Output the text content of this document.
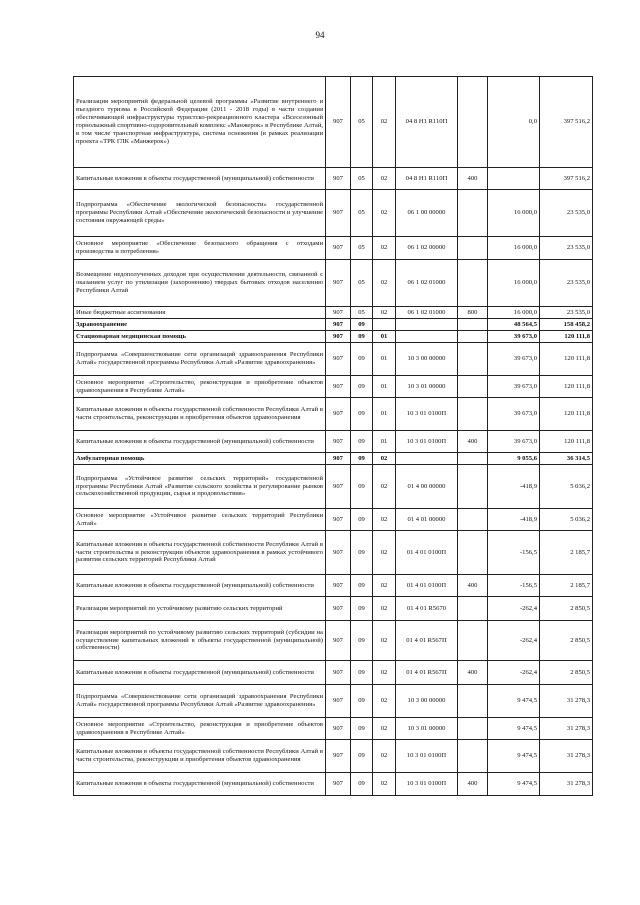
94
Реализация мероприятий федеральной целевой программы «Развитие внутреннего и въездного туризма в Российской Федерации (2011 - 2018 годы) в части создания обеспечивающей инфраструктуры туристско-рекреационного кластера «Всесезонный горнолыжный спортивно-оздоровительный комплекс «Манжерок» в Республике Алтай, в том числе транспортная инфраструктура, система оснежения (в рамках реализации проекта «ТРК ГЛК «Манжерок»)	907	05	02	04 8 Н1 R110П		0,0	397 516,2
Капитальные вложения в объекты государственной (муниципальной) собственности	907	05	02	04 8 Н1 R110П	400		397 516,2
Подпрограмма «Обеспечение экологической безопасности» государственной программы Республики Алтай «Обеспечение экологической безопасности и улучшение состояния окружающей среды»	907	05	02	06 1 00 00000		16 000,0	23 535,0
Основное мероприятие «Обеспечение безопасного обращения с отходами производства и потребления»	907	05	02	06 1 02 00000		16 000,0	23 535,0
Возмещение недополученных доходов при осуществлении деятельности, связанной с оказанием услуг по утилизации (захоронению) твердых бытовых отходов населению Республики Алтай	907	05	02	06 1 02 01000		16 000,0	23 535,0
Иные бюджетные ассигнования	907	05	02	06 1 02 01000	800	16 000,0	23 535,0
Здравоохранение	907	09				48 564,5	158 458,2
Стационарная медицинская помощь	907	09	01			39 673,0	120 111,8
Подпрограмма «Совершенствование сети организаций здравоохранения Республики Алтай» государственной программы Республики Алтай «Развитие здравоохранения»	907	09	01	10 3 00 00000		39 673,0	120 111,8
Основное мероприятие «Строительство, реконструкция и приобретение объектов здравоохранения в Республике Алтай»	907	09	01	10 3 01 00000		39 673,0	120 111,8
Капитальные вложения в объекты государственной собственности Республики Алтай в части строительства, реконструкции и приобретения объектов здравоохранения	907	09	01	10 3 01 0100П		39 673,0	120 111,8
Капитальные вложения в объекты государственной (муниципальной) собственности	907	09	01	10 3 01 0100П	400	39 673,0	120 111,8
Амбулаторная помощь	907	09	02			9 055,6	36 314,5
Подпрограмма «Устойчивое развитие сельских территорий» государственной программы Республики Алтай «Развитие сельского хозяйства и регулирование рынков сельскохозяйственной продукции, сырья и продовольствия»	907	09	02	01 4 00 00000		-418,9	5 036,2
Основное мероприятие «Устойчивое развитие сельских территорий Республики Алтай»	907	09	02	01 4 01 00000		-418,9	5 036,2
Капитальные вложения в объекты государственной собственности Республики Алтай в части строительства и реконструкции объектов здравоохранения в рамках устойчивого развития сельских территорий Республики Алтай	907	09	02	01 4 01 0100П		-156,5	2 185,7
Капитальные вложения в объекты государственной (муниципальной) собственности	907	09	02	01 4 01 0100П	400	-156,5	2 185,7
Реализация мероприятий по устойчивому развитию сельских территорий	907	09	02	01 4 01 R5670		-262,4	2 850,5
Реализация мероприятий по устойчивому развитию сельских территорий (субсидии на осуществление капитальных вложений в объекты государственной (муниципальной) собственности)	907	09	02	01 4 01 R567П		-262,4	2 850,5
Капитальные вложения в объекты государственной (муниципальной) собственности	907	09	02	01 4 01 R567П	400	-262,4	2 850,5
Подпрограмма «Совершенствование сети организаций здравоохранения Республики Алтай» государственной программы Республики Алтай «Развитие здравоохранения»	907	09	02	10 3 00 00000		9 474,5	31 278,3
Основное мероприятие «Строительство, реконструкция и приобретение объектов здравоохранения в Республике Алтай»	907	09	02	10 3 01 00000		9 474,5	31 278,3
Капитальные вложения в объекты государственной собственности Республики Алтай в части строительства, реконструкции и приобретения объектов здравоохранения	907	09	02	10 3 01 0100П		9 474,5	31 278,3
Капитальные вложения в объекты государственной (муниципальной) собственности	907	09	02	10 3 01 0100П	400	9 474,5	31 278,3
